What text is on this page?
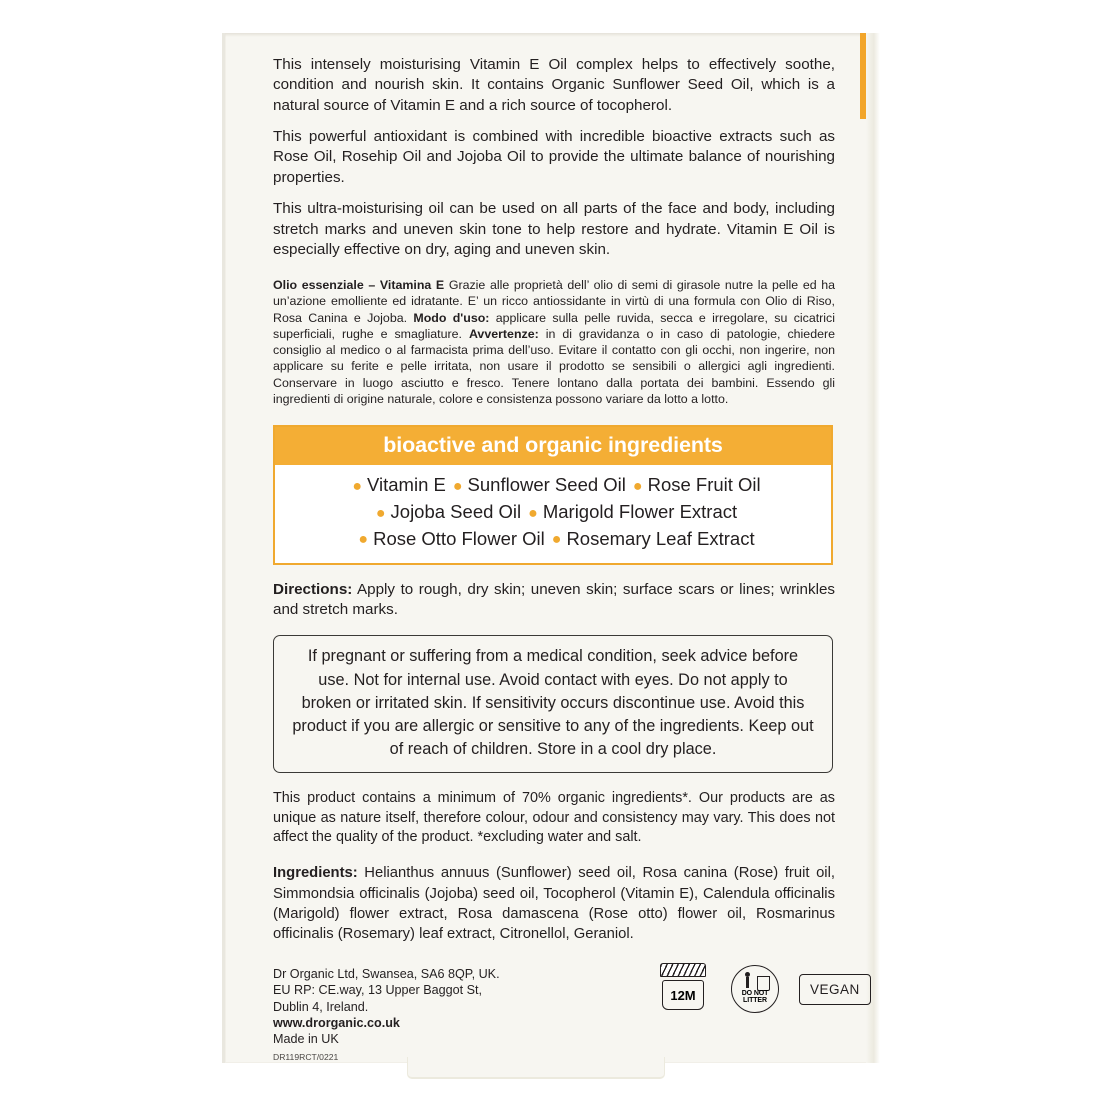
This intensely moisturising Vitamin E Oil complex helps to effectively soothe, condition and nourish skin. It contains Organic Sunflower Seed Oil, which is a natural source of Vitamin E and a rich source of tocopherol.

This powerful antioxidant is combined with incredible bioactive extracts such as Rose Oil, Rosehip Oil and Jojoba Oil to provide the ultimate balance of nourishing properties.

This ultra-moisturising oil can be used on all parts of the face and body, including stretch marks and uneven skin tone to help restore and hydrate. Vitamin E Oil is especially effective on dry, aging and uneven skin.

Olio essenziale – Vitamina E Grazie alle proprietà dell’ olio di semi di girasole nutre la pelle ed ha un’azione emolliente ed idratante. E’ un ricco antiossidante in virtù di una formula con Olio di Riso, Rosa Canina e Jojoba. Modo d'uso: applicare sulla pelle ruvida, secca e irregolare, su cicatrici superficiali, rughe e smagliature. Avvertenze: in di gravidanza o in caso di patologie, chiedere consiglio al medico o al farmacista prima dell’uso. Evitare il contatto con gli occhi, non ingerire, non applicare su ferite e pelle irritata, non usare il prodotto se sensibili o allergici agli ingredienti. Conservare in luogo asciutto e fresco. Tenere lontano dalla portata dei bambini. Essendo gli ingredienti di origine naturale, colore e consistenza possono variare da lotto a lotto.

bioactive and organic ingredients
● Vitamin E ● Sunflower Seed Oil ● Rose Fruit Oil
● Jojoba Seed Oil ● Marigold Flower Extract
● Rose Otto Flower Oil ● Rosemary Leaf Extract

Directions: Apply to rough, dry skin; uneven skin; surface scars or lines; wrinkles and stretch marks.

If pregnant or suffering from a medical condition, seek advice before use. Not for internal use. Avoid contact with eyes. Do not apply to broken or irritated skin. If sensitivity occurs discontinue use. Avoid this product if you are allergic or sensitive to any of the ingredients. Keep out of reach of children. Store in a cool dry place.

This product contains a minimum of 70% organic ingredients*. Our products are as unique as nature itself, therefore colour, odour and consistency may vary. This does not affect the quality of the product. *excluding water and salt.

Ingredients: Helianthus annuus (Sunflower) seed oil, Rosa canina (Rose) fruit oil, Simmondsia officinalis (Jojoba) seed oil, Tocopherol (Vitamin E), Calendula officinalis (Marigold) flower extract, Rosa damascena (Rose otto) flower oil, Rosmarinus officinalis (Rosemary) leaf extract, Citronellol, Geraniol.

Dr Organic Ltd, Swansea, SA6 8QP, UK.
EU RP: CE.way, 13 Upper Baggot St,
Dublin 4, Ireland.
www.drorganic.co.uk
Made in UK
DR119RCT/0221
12M	DO NOT
LITTER
VEGAN
